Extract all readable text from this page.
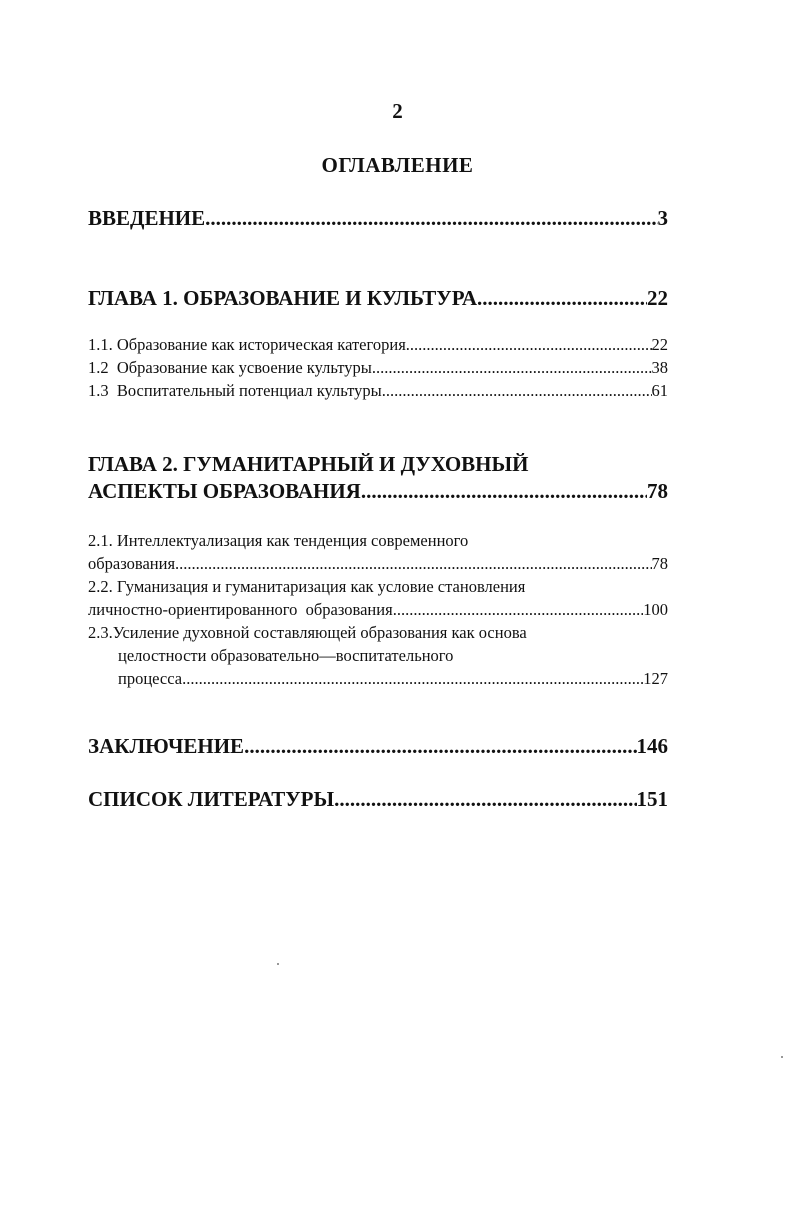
2
ОГЛАВЛЕНИЕ
ВВЕДЕНИЕ .....	3
ГЛАВА 1. ОБРАЗОВАНИЕ И КУЛЬТУРА .....	22
1.1. Образование как историческая категория .....	22
1.2  Образование как усвоение культуры .....	38
1.3  Воспитательный потенциал культуры .....	61
ГЛАВА 2. ГУМАНИТАРНЫЙ И ДУХОВНЫЙ
АСПЕКТЫ ОБРАЗОВАНИЯ .....	78
2.1. Интеллектуализация как тенденция современного
образования .....	78
2.2. Гуманизация и гуманитаризация как условие становления
личностно-ориентированного  образования .....	100
2.3.Усиление духовной составляющей образования как основа
целостности образовательно—воспитательного
процесса .....	127
ЗАКЛЮЧЕНИЕ .....	146
СПИСОК ЛИТЕРАТУРЫ .....	151
